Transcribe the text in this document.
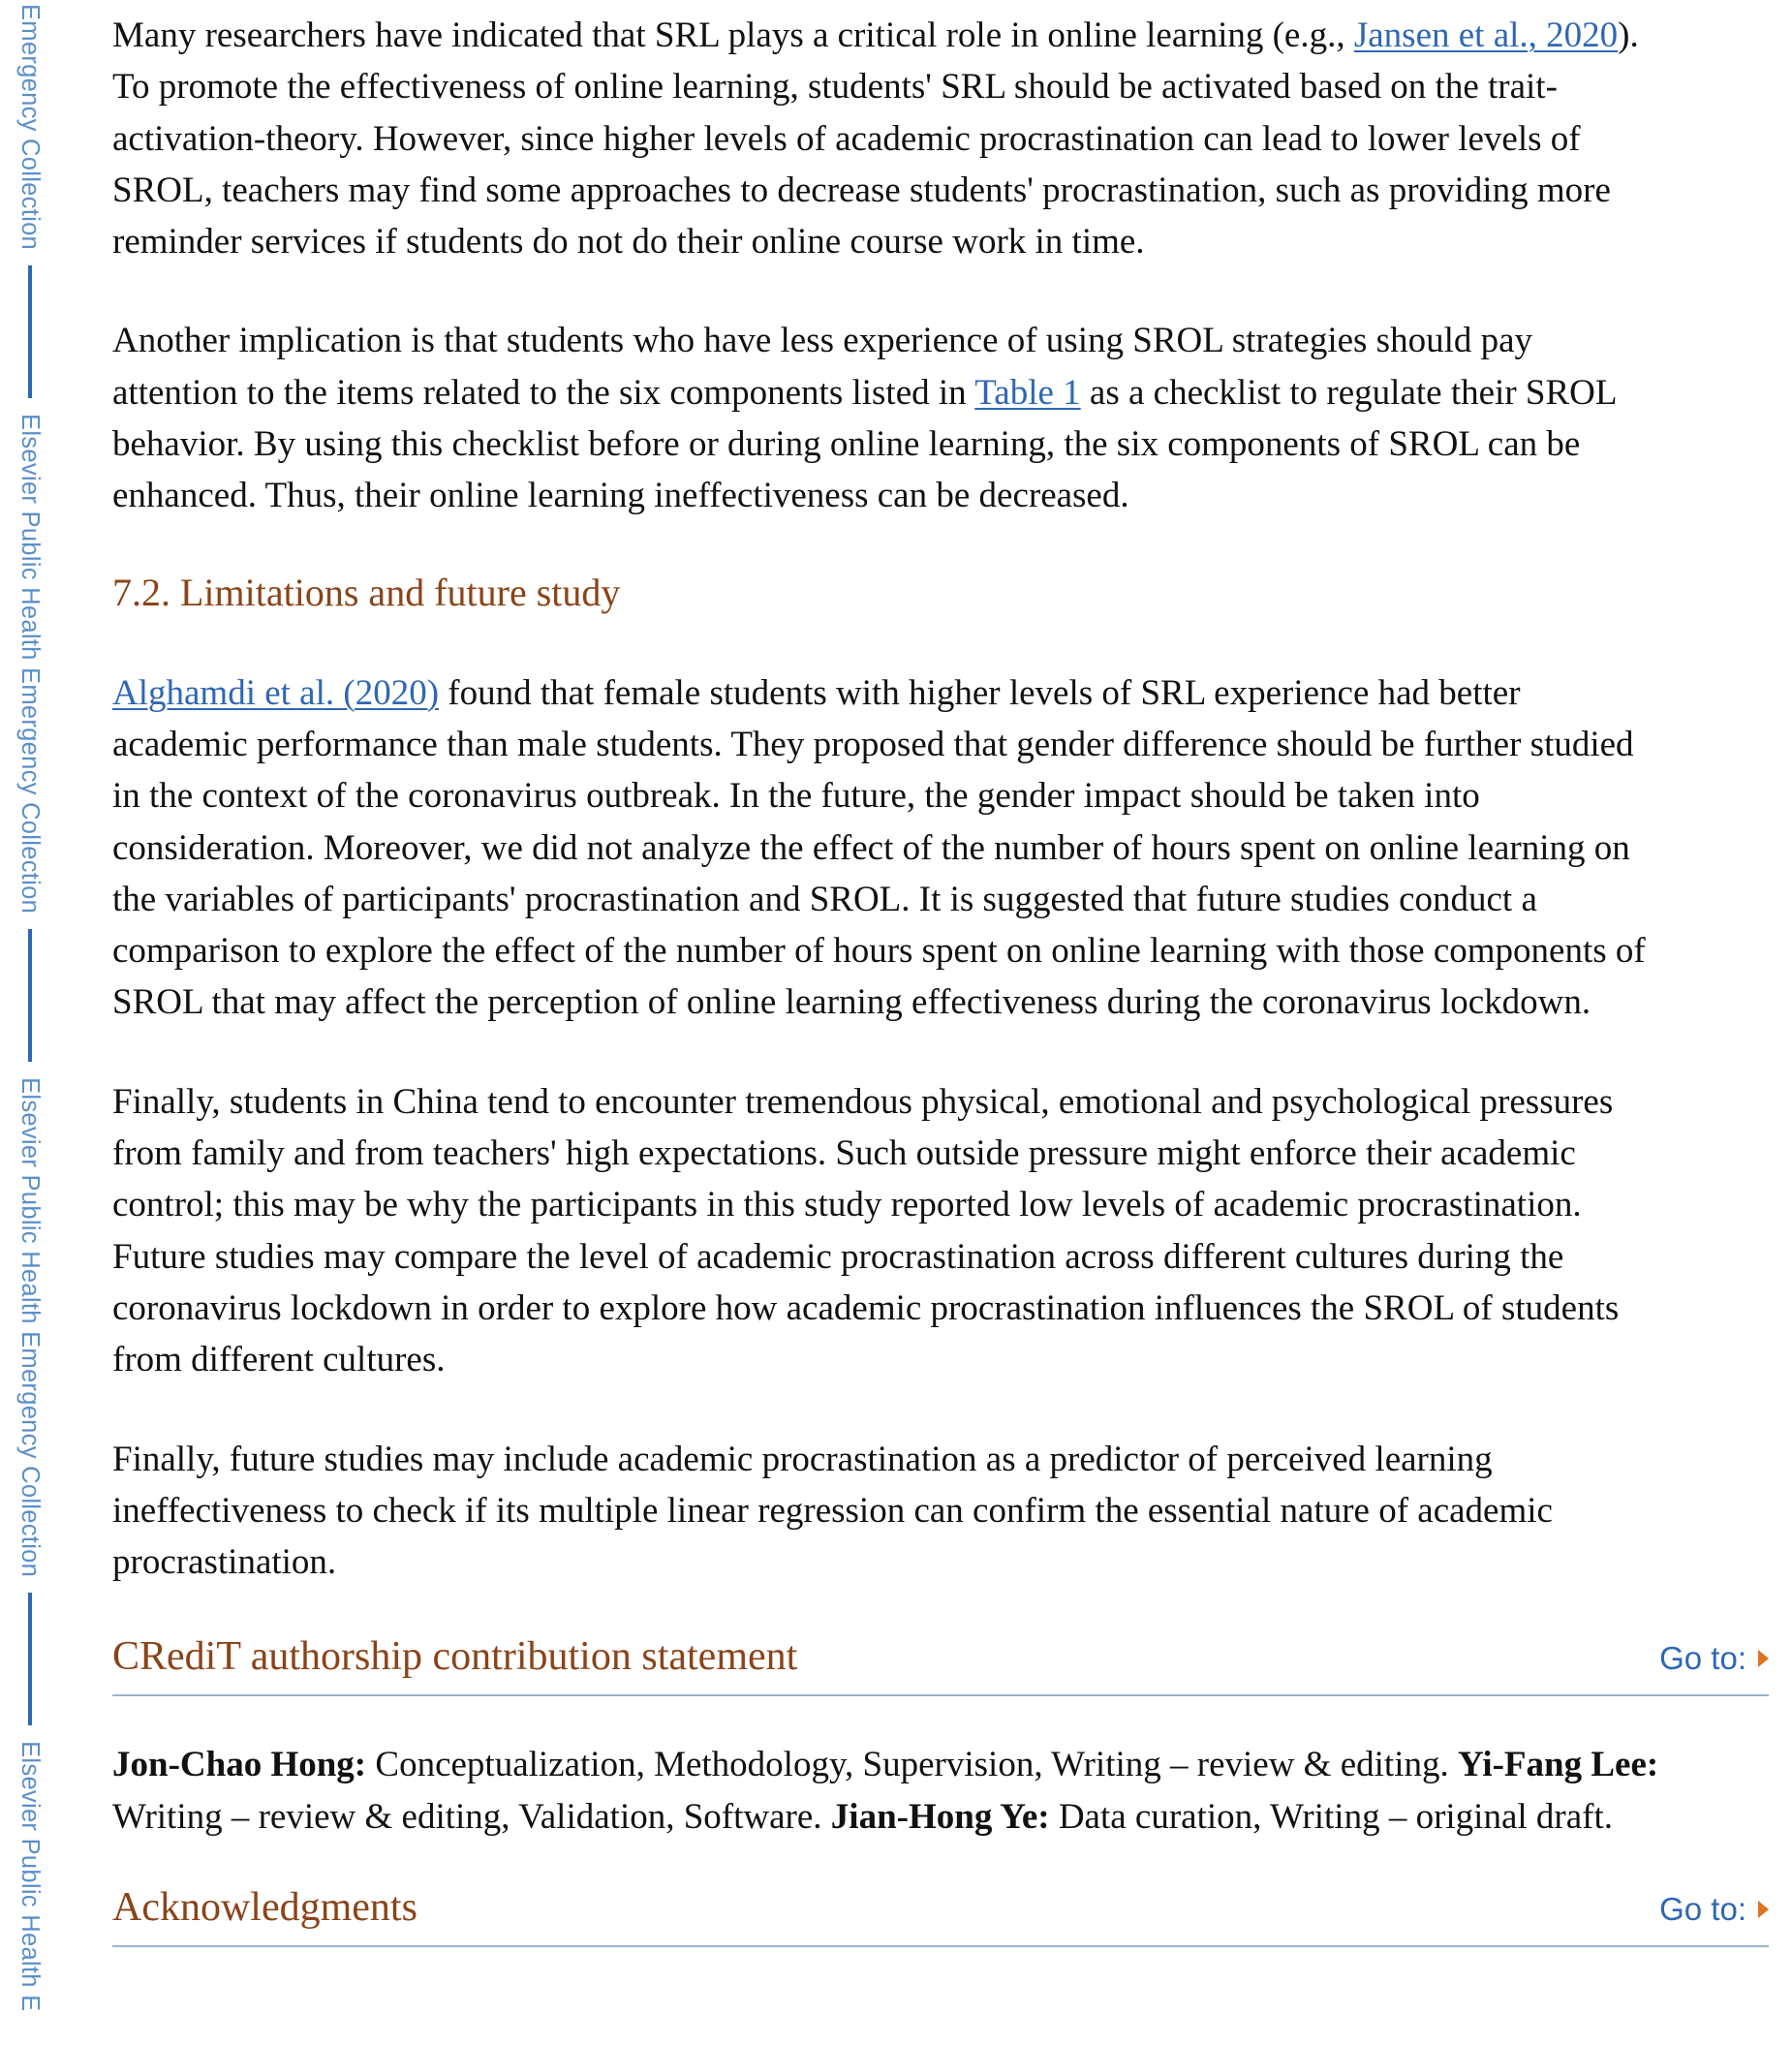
Emergency CollectionElsevier Public Health Emergency CollectionElsevier Public Health Emergency CollectionElsevier Public Health E

Many researchers have indicated that SRL plays a critical role in online learning (e.g., Jansen et al., 2020).
To promote the effectiveness of online learning, students' SRL should be activated based on the trait-
activation-theory. However, since higher levels of academic procrastination can lead to lower levels of
SROL, teachers may find some approaches to decrease students' procrastination, such as providing more
reminder services if students do not do their online course work in time.

Another implication is that students who have less experience of using SROL strategies should pay
attention to the items related to the six components listed in Table 1 as a checklist to regulate their SROL
behavior. By using this checklist before or during online learning, the six components of SROL can be
enhanced. Thus, their online learning ineffectiveness can be decreased.

7.2. Limitations and future study

Alghamdi et al. (2020) found that female students with higher levels of SRL experience had better
academic performance than male students. They proposed that gender difference should be further studied
in the context of the coronavirus outbreak. In the future, the gender impact should be taken into
consideration. Moreover, we did not analyze the effect of the number of hours spent on online learning on
the variables of participants' procrastination and SROL. It is suggested that future studies conduct a
comparison to explore the effect of the number of hours spent on online learning with those components of
SROL that may affect the perception of online learning effectiveness during the coronavirus lockdown.

Finally, students in China tend to encounter tremendous physical, emotional and psychological pressures
from family and from teachers' high expectations. Such outside pressure might enforce their academic
control; this may be why the participants in this study reported low levels of academic procrastination.
Future studies may compare the level of academic procrastination across different cultures during the
coronavirus lockdown in order to explore how academic procrastination influences the SROL of students
from different cultures.

Finally, future studies may include academic procrastination as a predictor of perceived learning
ineffectiveness to check if its multiple linear regression can confirm the essential nature of academic
procrastination.

CRediT authorship contribution statement	Go to:

Jon-Chao Hong: Conceptualization, Methodology, Supervision, Writing – review & editing. Yi-Fang Lee:
Writing – review & editing, Validation, Software. Jian-Hong Ye: Data curation, Writing – original draft.

Acknowledgments	Go to:
